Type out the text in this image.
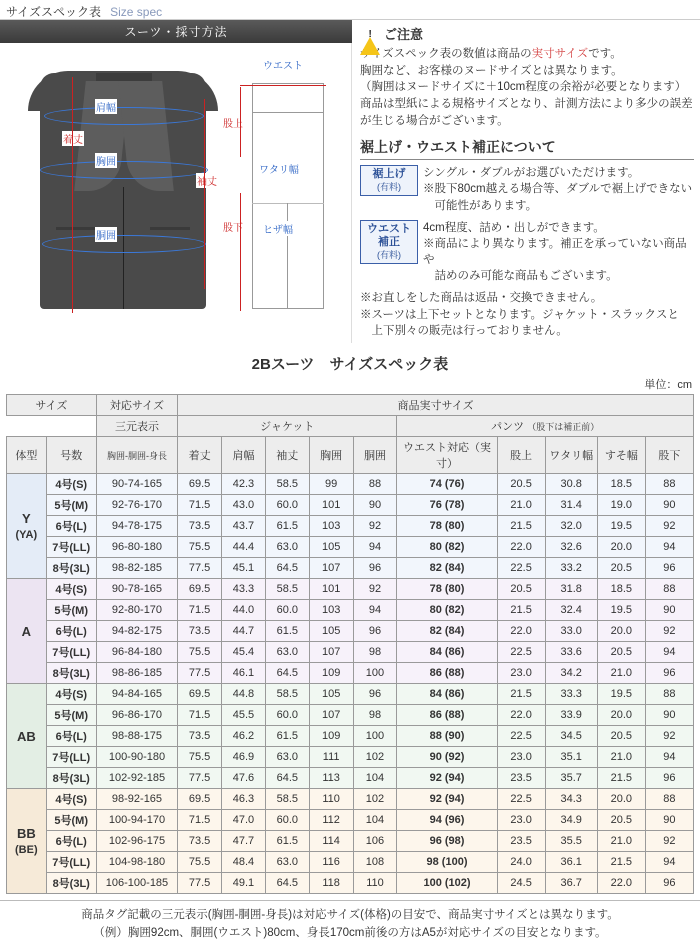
サイズスペック表 Size spec
スーツ・採寸方法
肩幅
胸囲
胴囲
着丈
袖丈
ウエスト
股上
ワタリ幅
ヒザ幅
股下
! ご注意
サイズスペック表の数値は商品の実寸サイズです。
胸囲など、お客様のヌードサイズとは異なります。
（胸囲はヌードサイズに＋10cm程度の余裕が必要となります）
商品は型紙による規格サイズとなり、計測方法により多少の誤差
が生じる場合がございます。
裾上げ・ウエスト補正について
裾上げ
(有料)
シングル・ダブルがお選びいただけます。
※股下80cm越える場合等、ダブルで裾上げできない
　可能性があります。
ウエスト
補正
(有料)
4cm程度、詰め・出しができます。
※商品により異なります。補正を承っていない商品や
　詰めのみ可能な商品もございます。
※お直しをした商品は返品・交換できません。
※スーツは上下セットとなります。ジャケット・スラックスと
　上下別々の販売は行っておりません。
2Bスーツ　サイズスペック表
単位：cm
サイズ		対応サイズ	商品実寸サイズ									
		三元表示	ジャケット					パンツ （股下は補正前）				
体型	号数	胸囲-胴囲-身長	着丈	肩幅	袖丈	胸囲	胴囲	ウエスト対応（実寸）	股上	ワタリ幅	すそ幅	股下
Y
(YA)	4号(S)	90-74-165	69.5	42.3	58.5	99	88	74 (76)	20.5	30.8	18.5	88
	5号(M)	92-76-170	71.5	43.0	60.0	101	90	76 (78)	21.0	31.4	19.0	90
	6号(L)	94-78-175	73.5	43.7	61.5	103	92	78 (80)	21.5	32.0	19.5	92
	7号(LL)	96-80-180	75.5	44.4	63.0	105	94	80 (82)	22.0	32.6	20.0	94
	8号(3L)	98-82-185	77.5	45.1	64.5	107	96	82 (84)	22.5	33.2	20.5	96
A	4号(S)	90-78-165	69.5	43.3	58.5	101	92	78 (80)	20.5	31.8	18.5	88
	5号(M)	92-80-170	71.5	44.0	60.0	103	94	80 (82)	21.5	32.4	19.5	90
	6号(L)	94-82-175	73.5	44.7	61.5	105	96	82 (84)	22.0	33.0	20.0	92
	7号(LL)	96-84-180	75.5	45.4	63.0	107	98	84 (86)	22.5	33.6	20.5	94
	8号(3L)	98-86-185	77.5	46.1	64.5	109	100	86 (88)	23.0	34.2	21.0	96
AB	4号(S)	94-84-165	69.5	44.8	58.5	105	96	84 (86)	21.5	33.3	19.5	88
	5号(M)	96-86-170	71.5	45.5	60.0	107	98	86 (88)	22.0	33.9	20.0	90
	6号(L)	98-88-175	73.5	46.2	61.5	109	100	88 (90)	22.5	34.5	20.5	92
	7号(LL)	100-90-180	75.5	46.9	63.0	111	102	90 (92)	23.0	35.1	21.0	94
	8号(3L)	102-92-185	77.5	47.6	64.5	113	104	92 (94)	23.5	35.7	21.5	96
BB
(BE)	4号(S)	98-92-165	69.5	46.3	58.5	110	102	92 (94)	22.5	34.3	20.0	88
	5号(M)	100-94-170	71.5	47.0	60.0	112	104	94 (96)	23.0	34.9	20.5	90
	6号(L)	102-96-175	73.5	47.7	61.5	114	106	96 (98)	23.5	35.5	21.0	92
	7号(LL)	104-98-180	75.5	48.4	63.0	116	108	98 (100)	24.0	36.1	21.5	94
	8号(3L)	106-100-185	77.5	49.1	64.5	118	110	100 (102)	24.5	36.7	22.0	96
商品タグ記載の三元表示(胸囲-胴囲-身長)は対応サイズ(体格)の目安で、商品実寸サイズとは異なります。
（例）胸囲92cm、胴囲(ウエスト)80cm、身長170cm前後の方はA5が対応サイズの目安となります。
